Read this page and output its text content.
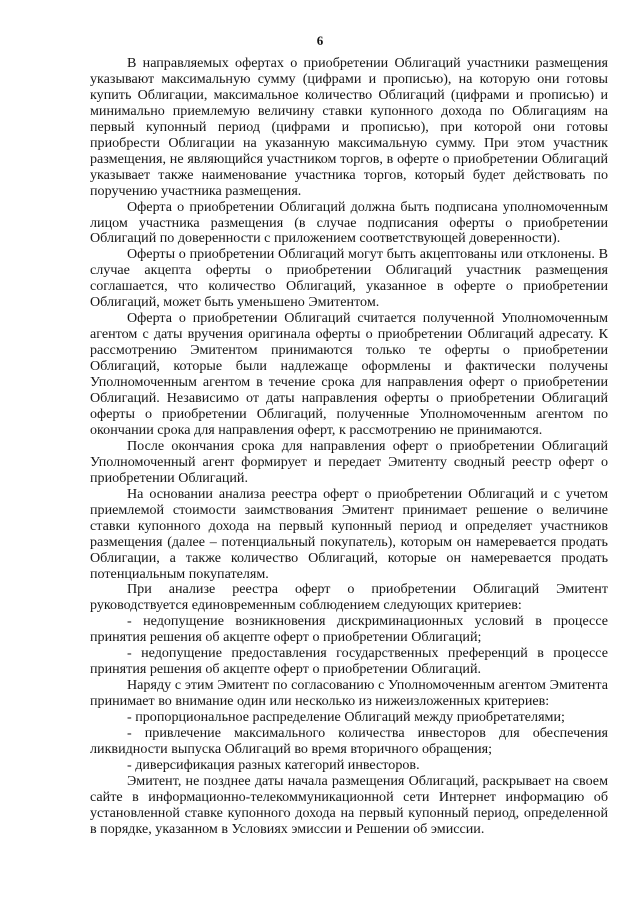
6

В направляемых офертах о приобретении Облигаций участники размещения указывают максимальную сумму (цифрами и прописью), на которую они готовы купить Облигации, максимальное количество Облигаций (цифрами и прописью) и минимально приемлемую величину ставки купонного дохода по Облигациям на первый купонный период (цифрами и прописью), при которой они готовы приобрести Облигации на указанную максимальную сумму. При этом участник размещения, не являющийся участником торгов, в оферте о приобретении Облигаций указывает также наименование участника торгов, который будет действовать по поручению участника размещения.

Оферта о приобретении Облигаций должна быть подписана уполномоченным лицом участника размещения (в случае подписания оферты о приобретении Облигаций по доверенности с приложением соответствующей доверенности).

Оферты о приобретении Облигаций могут быть акцептованы или отклонены. В случае акцепта оферты о приобретении Облигаций участник размещения соглашается, что количество Облигаций, указанное в оферте о приобретении Облигаций, может быть уменьшено Эмитентом.

Оферта о приобретении Облигаций считается полученной Уполномоченным агентом с даты вручения оригинала оферты о приобретении Облигаций адресату. К рассмотрению Эмитентом принимаются только те оферты о приобретении Облигаций, которые были надлежаще оформлены и фактически получены Уполномоченным агентом в течение срока для направления оферт о приобретении Облигаций. Независимо от даты направления оферты о приобретении Облигаций оферты о приобретении Облигаций, полученные Уполномоченным агентом по окончании срока для направления оферт, к рассмотрению не принимаются.

После окончания срока для направления оферт о приобретении Облигаций Уполномоченный агент формирует и передает Эмитенту сводный реестр оферт о приобретении Облигаций.

На основании анализа реестра оферт о приобретении Облигаций и с учетом приемлемой стоимости заимствования Эмитент принимает решение о величине ставки купонного дохода на первый купонный период и определяет участников размещения (далее – потенциальный покупатель), которым он намеревается продать Облигации, а также количество Облигаций, которые он намеревается продать потенциальным покупателям.

При анализе реестра оферт о приобретении Облигаций Эмитент руководствуется единовременным соблюдением следующих критериев:

- недопущение возникновения дискриминационных условий в процессе принятия решения об акцепте оферт о приобретении Облигаций;

- недопущение предоставления государственных преференций в процессе принятия решения об акцепте оферт о приобретении Облигаций.

Наряду с этим Эмитент по согласованию с Уполномоченным агентом Эмитента принимает во внимание один или несколько из нижеизложенных критериев:

- пропорциональное распределение Облигаций между приобретателями;

- привлечение максимального количества инвесторов для обеспечения ликвидности выпуска Облигаций во время вторичного обращения;

- диверсификация разных категорий инвесторов.

Эмитент, не позднее даты начала размещения Облигаций, раскрывает на своем сайте в информационно-телекоммуникационной сети Интернет информацию об установленной ставке купонного дохода на первый купонный период, определенной в порядке, указанном в Условиях эмиссии и Решении об эмиссии.
